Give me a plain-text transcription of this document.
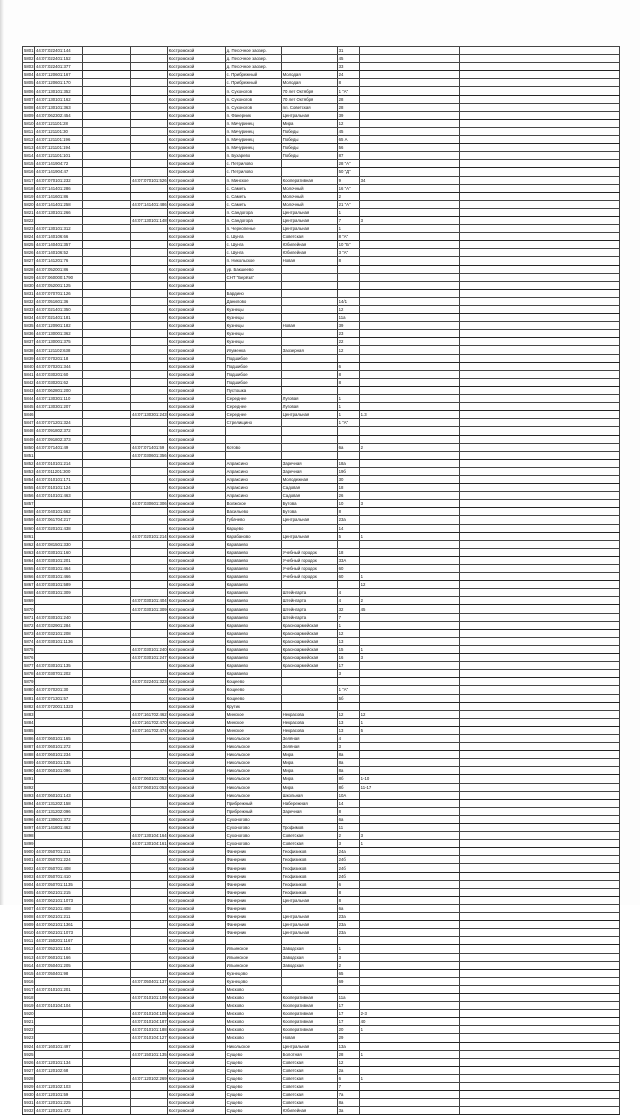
5801	44:07:022401:144			Костромской	д. Песочное заозер.		31		
5802	44:07:022401:152			Костромской	д. Песочное заозер.		45		
5803	44:07:022401:377			Костромской	д. Песочное заозер.		33		
5804	44:07:120601:167			Костромской	с. Прибрежный	Молодая	24		
5805	44:07:120601:170			Костромской	с. Прибрежный	Молодая	8		
5806	44:07:130101:352			Костромской	п. Сухоногов	70 лет Октября	1 "А"		
5807	44:07:130101:162			Костромской	п. Сухоногов	70 лет Октября	28		
5808	44:07:130101:363			Костромской	п. Сухоногов	пл. Советская	28		
5809	44:07:062302:454			Костромской	п. Фанерник	Центральная	39		
5810	44:07:121101:28			Костромской	п. Мичуринец	Мира	12		
5811	44:07:121101:30			Костромской	п. Мичуринец	Победы	45		
5812	44:07:121101:196			Костромской	п. Мичуринец	Победы	65 А		
5813	44:07:121101:194			Костромской	п. Мичуринец	Победы	56		
5814	44:07:121101:101			Костромской	п. Бухарево	Победы	87		
5815	44:07:141904:72			Костромской	с. Петрилово		28 "А"		
5816	44:07:141904:47			Костромской	с. Петрилово		50 "Д"		
5817	44:07:070101:232		44:07:070101:526	Костромской	п. Минское	Кооперативная	9	34	
5818	44:07:141401:286			Костромской	с. Саметь	Молочный	16 "А"		
5819	44:07:141601:86			Костромской	с. Саметь	Молочный	2		
5820	44:07:141401:258		44:07:141401:486	Костромской	с. Саметь	Молочный	21 "А"		
5821	44:07:130101:266			Костромской	п. Сандогора	Центральная	1		
5822			44:07:130101:148	Костромской	п. Сандогора	Центральная	7	3	
5823	44:07:130101:312			Костромской	п. Чернопенье	Центральная	1		
5824	44:07:140106:66			Костромской	с. Шунга	Советская	8 "А"		
5825	44:07:140401:357			Костромской	с. Шунга	Юбилейная	10 "Б"		
5826	44:07:140106:52			Костромской	с. Шунга	Юбилейная	3 "А"		
5827	44:07:141201:76			Костромской	п. Никольское	Новая	8		
5828	44:07:052001:86			Костромской	ур. Бакшеево				
5829	44:07:060000:1790			Костромской	СНТ "Берёза"				
5830	44:07:052001:125			Костромской					
5831	44:07:070701:126			Костромской	Бардино				
5832	44:07:051601:36			Костромской	Данилово		14/1		
5833	44:07:021401:350			Костромской	Кузнецы		12		
5834	44:07:021401:181			Костромской	Кузнецы		11а		
5835	44:07:120901:182			Костромской	Кузнецы	Новая	39		
5836	44:07:130001:362			Костромской	Кузнецы		23		
5837	44:07:130001:375			Костромской	Кузнецы		22		
5838	44:07:121102:638			Костромской	Игуменка	Заозерная	12		
5839	44:07:070201:18			Костромской	Подшибое				
5840	44:07:070201:344			Костромской	Подшибое		6		
5841	44:07:030201:60			Костромской	Подшибое		8		
5842	44:07:030201:62			Костромской	Подшибое		8		
5843	44:07:062801:200			Костромской	Пустошка				
5844	44:07:130301:110			Костромской	Середнее	Луговая	1		
5845	44:07:130301:207			Костромской	Середнее	Луговая	1		
5846			44:07:130301:243	Костромской	Середнее	Центральная	1	1.3	
5847	44:07:071201:324			Костромской	Стрелищино		1 "А"		
5848	44:07:091802:372			Костромской					
5849	44:07:091802:373			Костромской					
5850	44:07:071401:49		44:07:071401:59	Костромской	Котово		6а	2	
5851			44:07:030601:356	Костромской					
5852	44:07:010101:214			Костромской	Апраксино	Заречная	18а		
5853	44:07:011201:300			Костромской	Апраксино	Заречная	19б		
5854	44:07:010101:171			Костромской	Апраксино	Молодежная	30		
5855	44:07:010101:124			Костромской	Апраксино	Садовая	18		
5856	44:07:010101:463			Костромской	Апраксино	Садовая	26		
5857			44:07:030601:306	Костромской	Волжское	Бутова	10	3	
5858	44:07:040101:662			Костромской	Васильево	Бутова	8		
5859	44:07:061704:217			Костромской	Губачево	Центральная	23а		
5860	44:07:020101:438			Костромской	Карцево		14		
5861			44:07:020101:214	Костромской	Карабаново	Центральная	5	1	
5862	44:07:081501:330			Костромской	Караваево				
5863	44:07:030101:160			Костромской	Караваево	Учебный городок	18		
5864	44:07:030101:201			Костромской	Караваево	Учебный городок	33А		
5865	44:07:030101:464			Костромской	Караваево	Учебный городок	60		
5866	44:07:030101:466			Костромской	Караваево	Учебный городок	60	1	
5867	44:07:030101:589			Костромской	Караваево			12	
5868	44:07:030101:309			Костромской	Караваево	Штейнгарта	4		
5869			44:07:030101:404	Костромской	Караваево	Штейнгарта	4	2	
5870			44:07:030101:309	Костромской	Караваево	Штейнгарта	32	45	
5871	44:07:030101:240			Костромской	Караваево	Штейнгарта	7		
5872	44:07:032901:284			Костромской	Караваево	Красноармейская	1		
5873	44:07:032101:208			Костромской	Караваево	Красноармейская	12		
5874	44:07:030101:1136			Костромской	Караваево	Красноармейская	13		
5875			44:07:030101:240	Костромской	Караваево	Красноармейская	15	1	
5876			44:07:030101:247	Костромской	Караваево	Красноармейская	16	3	
5877	44:07:030101:135			Костромской	Караваево	Красноармейская	17		
5878	44:07:030701:202			Костромской	Караваево		3		
5879			44:07:022401:323	Костромской	Кощеево				
5880	44:07:070201:30			Костромской	Кощеево		1 "А"		
5881	44:07:071301:57			Костромской	Кощеево		5б		
5882	44:07:072001:1323			Костромской	Крутик				
5883			44:07:161702:462	Костромской	Минское	Некрасова	12	12	
5884			44:07:161702:470	Костромской	Минское	Некрасова	13	1	
5885			44:07:161702:474	Костромской	Минское	Некрасова	13	5	
5886	44:07:060101:165			Костромской	Никольское	Зелёная	4		
5887	44:07:060101:272			Костромской	Никольское	Зелёная	3		
5888	44:07:060101:234			Костромской	Никольское	Мира	8а		
5889	44:07:060101:135			Костромской	Никольское	Мира	8а		
5890	44:07:060101:096			Костромской	Никольское	Мира	8а		
5891			44:07:060101:052	Костромской	Никольское	Мира	8б	1-10	
5892			44:07:060101:053	Костромской	Никольское	Мира	8б	11-17	
5893	44:07:060101:143			Костромской	Никольское	Школьная	10А		
5894	44:07:131202:158			Костромской	Прибрежный	Набережная	14		
5895	44:07:131202:096			Костромской	Прибрежный	Заречная	8		
5896	44:07:130601:372			Костромской	Сухоногово		6а		
5897	44:07:141801:462			Костромской	Сухоногово	Трофимов	11		
5898			44:07:130104:164	Костромской	Сухоногово	Советская	2	3	
5899			44:07:130104:161	Костромской	Сухоногово	Советская	3	1	
5900	44:07:050701:211			Костромской	Фанерник	Геофизиков	24а		
5901	44:07:050701:224			Костромской	Фанерник	Геофизиков	24б		
5902	44:07:050701:408			Костромской	Фанерник	Геофизиков	24б		
5903	44:07:050701:410			Костромской	Фанерник	Геофизиков	24б		
5904	44:07:050701:1135			Костромской	Фанерник	Геофизиков	6		
5905	44:07:062101:215			Костромской	Фанерник	Геофизиков	8		
5906	44:07:062101:1073			Костромской	Фанерник	Центральная	8		
5907	44:07:062101:408			Костромской	Фанерник		6а		
5908	44:07:062101:211			Костромской	Фанерник	Центральная	23а		
5909	44:07:062101:1361			Костромской	Фанерник	Центральная	23а		
5910	44:07:062101:1073			Костромской	Фанерник	Центральная	23а		
5911	44:07:150201:1167			Костромской					
5912	44:07:052101:104			Костромской	Ильинское	Заводская	1		
5913	44:07:060101:166			Костромской	Ильинское	Заводская	3		
5914	44:07:050401:205			Костромской	Ильинское	Заводская	2		
5915	44:07:050401:98			Костромской	Кузнецово		65		
5916			44:07:050401:137	Костромской	Кузнецово		69		
5917	44:07:010101:201			Костромской	Мисково				
5918			44:07:010101:109	Костромской	Мисково	Кооперативная	11а		
5919	44:07:010104:104			Костромской	Мисково	Кооперативная	17		
5920			44:07:010104:105	Костромской	Мисково	Кооперативная	17	2-3	
5921			44:07:010104:187	Костромской	Мисково	Кооперативная	17	40	
5922			44:07:010101:188	Костромской	Мисково	Кооперативная	20	1	
5923			44:07:010104:127	Костромской	Мисково	Новая	29		
5924	44:07:160101:497			Костромской	Никольское	Центральная	13а		
5925			44:07:150101:135	Костромской	Сущево	Болотная	28	1	
5926	44:07:120101:134			Костромской	Сущево	Советская	12		
5927	44:07:120102:68			Костромской	Сущево	Советская	2а		
5928			44:07:120102:269	Костромской	Сущево	Советская	6	1	
5929	44:07:120102:103			Костромской	Сущево	Советская	7		
5930	44:07:120101:59			Костромской	Сущево	Советская	7а		
5931	44:07:120101:225			Костромской	Сущево	Советская	8а		
5932	44:07:120101:472			Костромской	Сущево	Юбилейная	3а		
